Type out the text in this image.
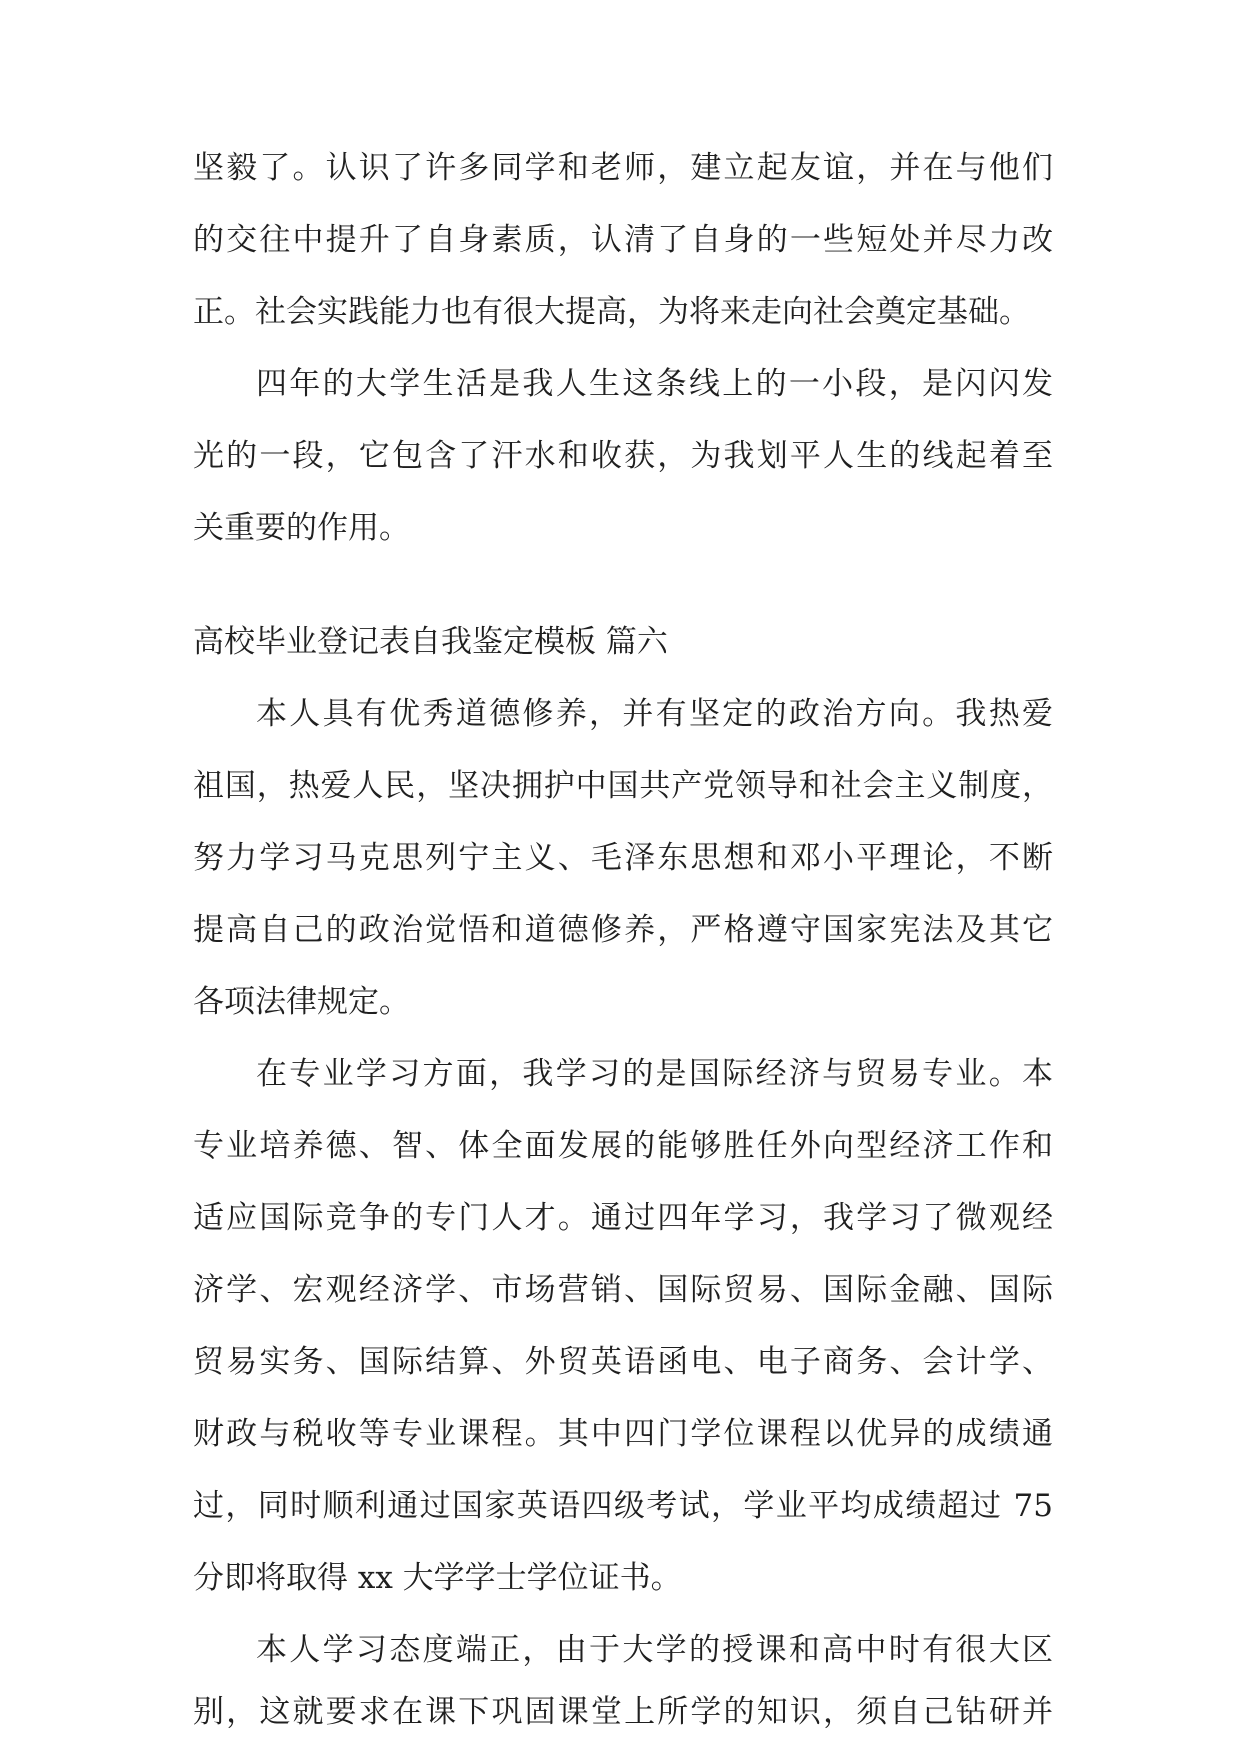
坚毅了。认识了许多同学和老师，建立起友谊，并在与他们
的交往中提升了自身素质，认清了自身的一些短处并尽力改
正。社会实践能力也有很大提高，为将来走向社会奠定基础。
四年的大学生活是我人生这条线上的一小段，是闪闪发
光的一段，它包含了汗水和收获，为我划平人生的线起着至
关重要的作用。
高校毕业登记表自我鉴定模板 篇六
本人具有优秀道德修养，并有坚定的政治方向。我热爱
祖国，热爱人民，坚决拥护中国共产党领导和社会主义制度，
努力学习马克思列宁主义、毛泽东思想和邓小平理论，不断
提高自己的政治觉悟和道德修养，严格遵守国家宪法及其它
各项法律规定。
在专业学习方面，我学习的是国际经济与贸易专业。本
专业培养德、智、体全面发展的能够胜任外向型经济工作和
适应国际竞争的专门人才。通过四年学习，我学习了微观经
济学、宏观经济学、市场营销、国际贸易、国际金融、国际
贸易实务、国际结算、外贸英语函电、电子商务、会计学、
财政与税收等专业课程。其中四门学位课程以优异的成绩通
过，同时顺利通过国家英语四级考试，学业平均成绩超过 75
分即将取得 xx 大学学士学位证书。
本人学习态度端正，由于大学的授课和高中时有很大区
别，这就要求在课下巩固课堂上所学的知识，须自己钻研并
